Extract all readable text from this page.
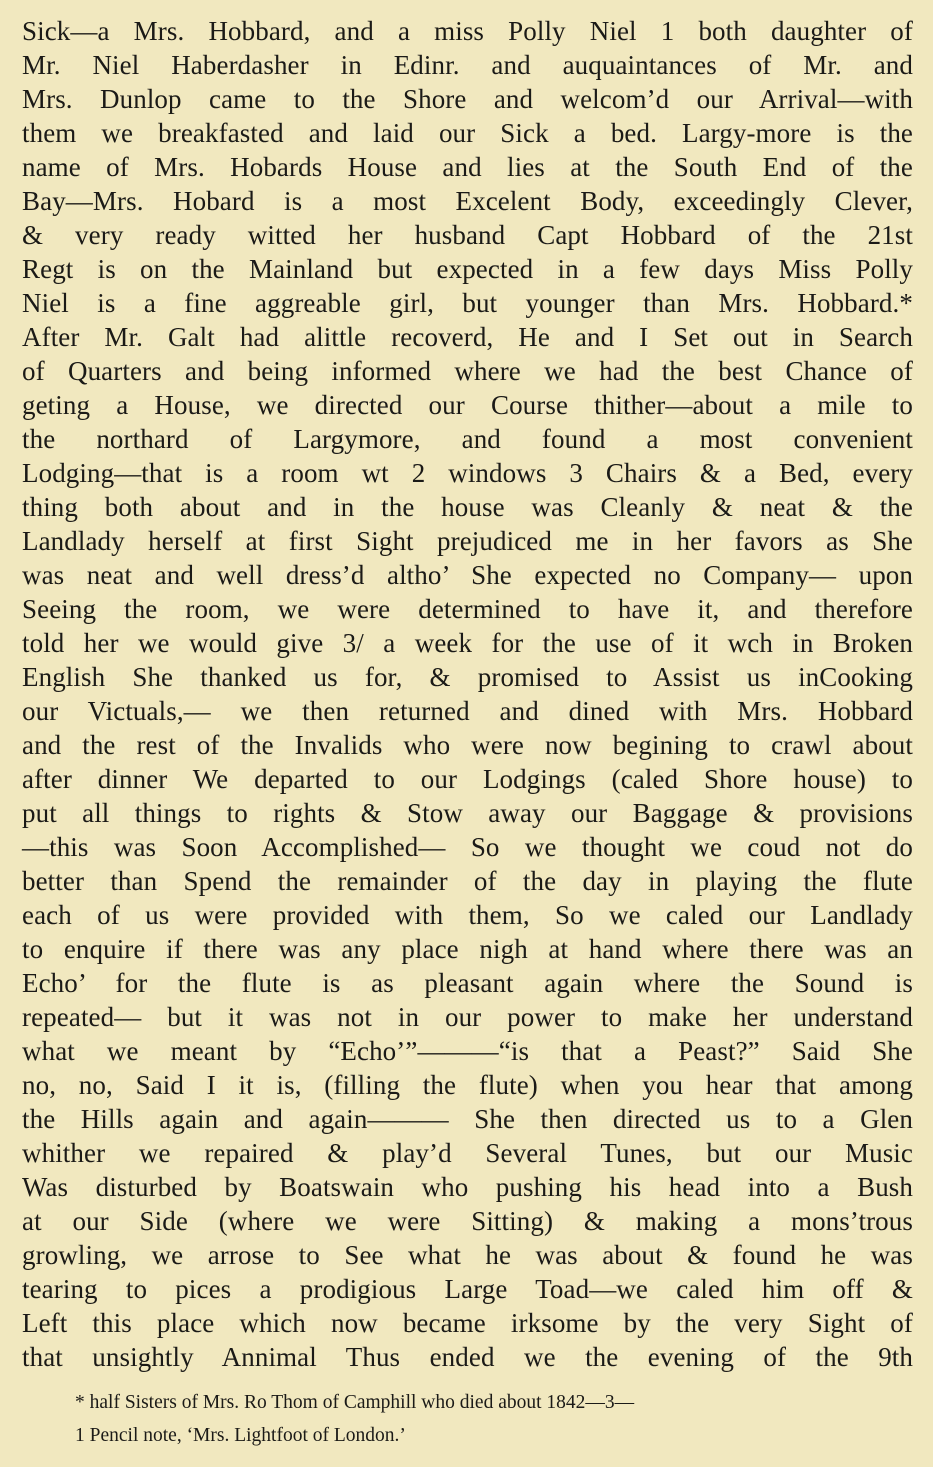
Sick—a Mrs. Hobbard, and a miss Polly Niel 1 both daughter of
Mr. Niel Haberdasher in Edinr. and auquaintances of Mr. and
Mrs. Dunlop came to the Shore and welcom’d our Arrival—with
them we breakfasted and laid our Sick a bed. Largy-more is the
name of Mrs. Hobards House and lies at the South End of the
Bay—Mrs. Hobard is a most Excelent Body, exceedingly Clever,
& very ready witted her husband Capt Hobbard of the 21st
Regt is on the Mainland but expected in a few days Miss Polly
Niel is a fine aggreable girl, but younger than Mrs. Hobbard.*
After Mr. Galt had alittle recoverd, He and I Set out in Search
of Quarters and being informed where we had the best Chance of
geting a House, we directed our Course thither—about a mile to
the northard of Largymore, and found a most convenient
Lodging—that is a room wt 2 windows 3 Chairs & a Bed, every
thing both about and in the house was Cleanly & neat & the
Landlady herself at first Sight prejudiced me in her favors as She
was neat and well dress’d altho’ She expected no Company— upon
Seeing the room, we were determined to have it, and therefore
told her we would give 3/ a week for the use of it wch in Broken
English She thanked us for, & promised to Assist us inCooking
our Victuals,— we then returned and dined with Mrs. Hobbard
and the rest of the Invalids who were now begining to crawl about
after dinner We departed to our Lodgings (caled Shore house) to
put all things to rights & Stow away our Baggage & provisions
—this was Soon Accomplished— So we thought we coud not do
better than Spend the remainder of the day in playing the flute
each of us were provided with them, So we caled our Landlady
to enquire if there was any place nigh at hand where there was an
Echo’ for the flute is as pleasant again where the Sound is
repeated— but it was not in our power to make her understand
what we meant by “Echo’”———“is that a Peast?” Said She
no, no, Said I it is, (filling the flute) when you hear that among
the Hills again and again——— She then directed us to a Glen
whither we repaired & play’d Several Tunes, but our Music
Was disturbed by Boatswain who pushing his head into a Bush
at our Side (where we were Sitting) & making a mons’trous
growling, we arrose to See what he was about & found he was
tearing to pices a prodigious Large Toad—we caled him off &
Left this place which now became irksome by the very Sight of
that unsightly Annimal Thus ended we the evening of the 9th
* half Sisters of Mrs. Ro Thom of Camphill who died about 1842—3—
1 Pencil note, ‘Mrs. Lightfoot of London.’
